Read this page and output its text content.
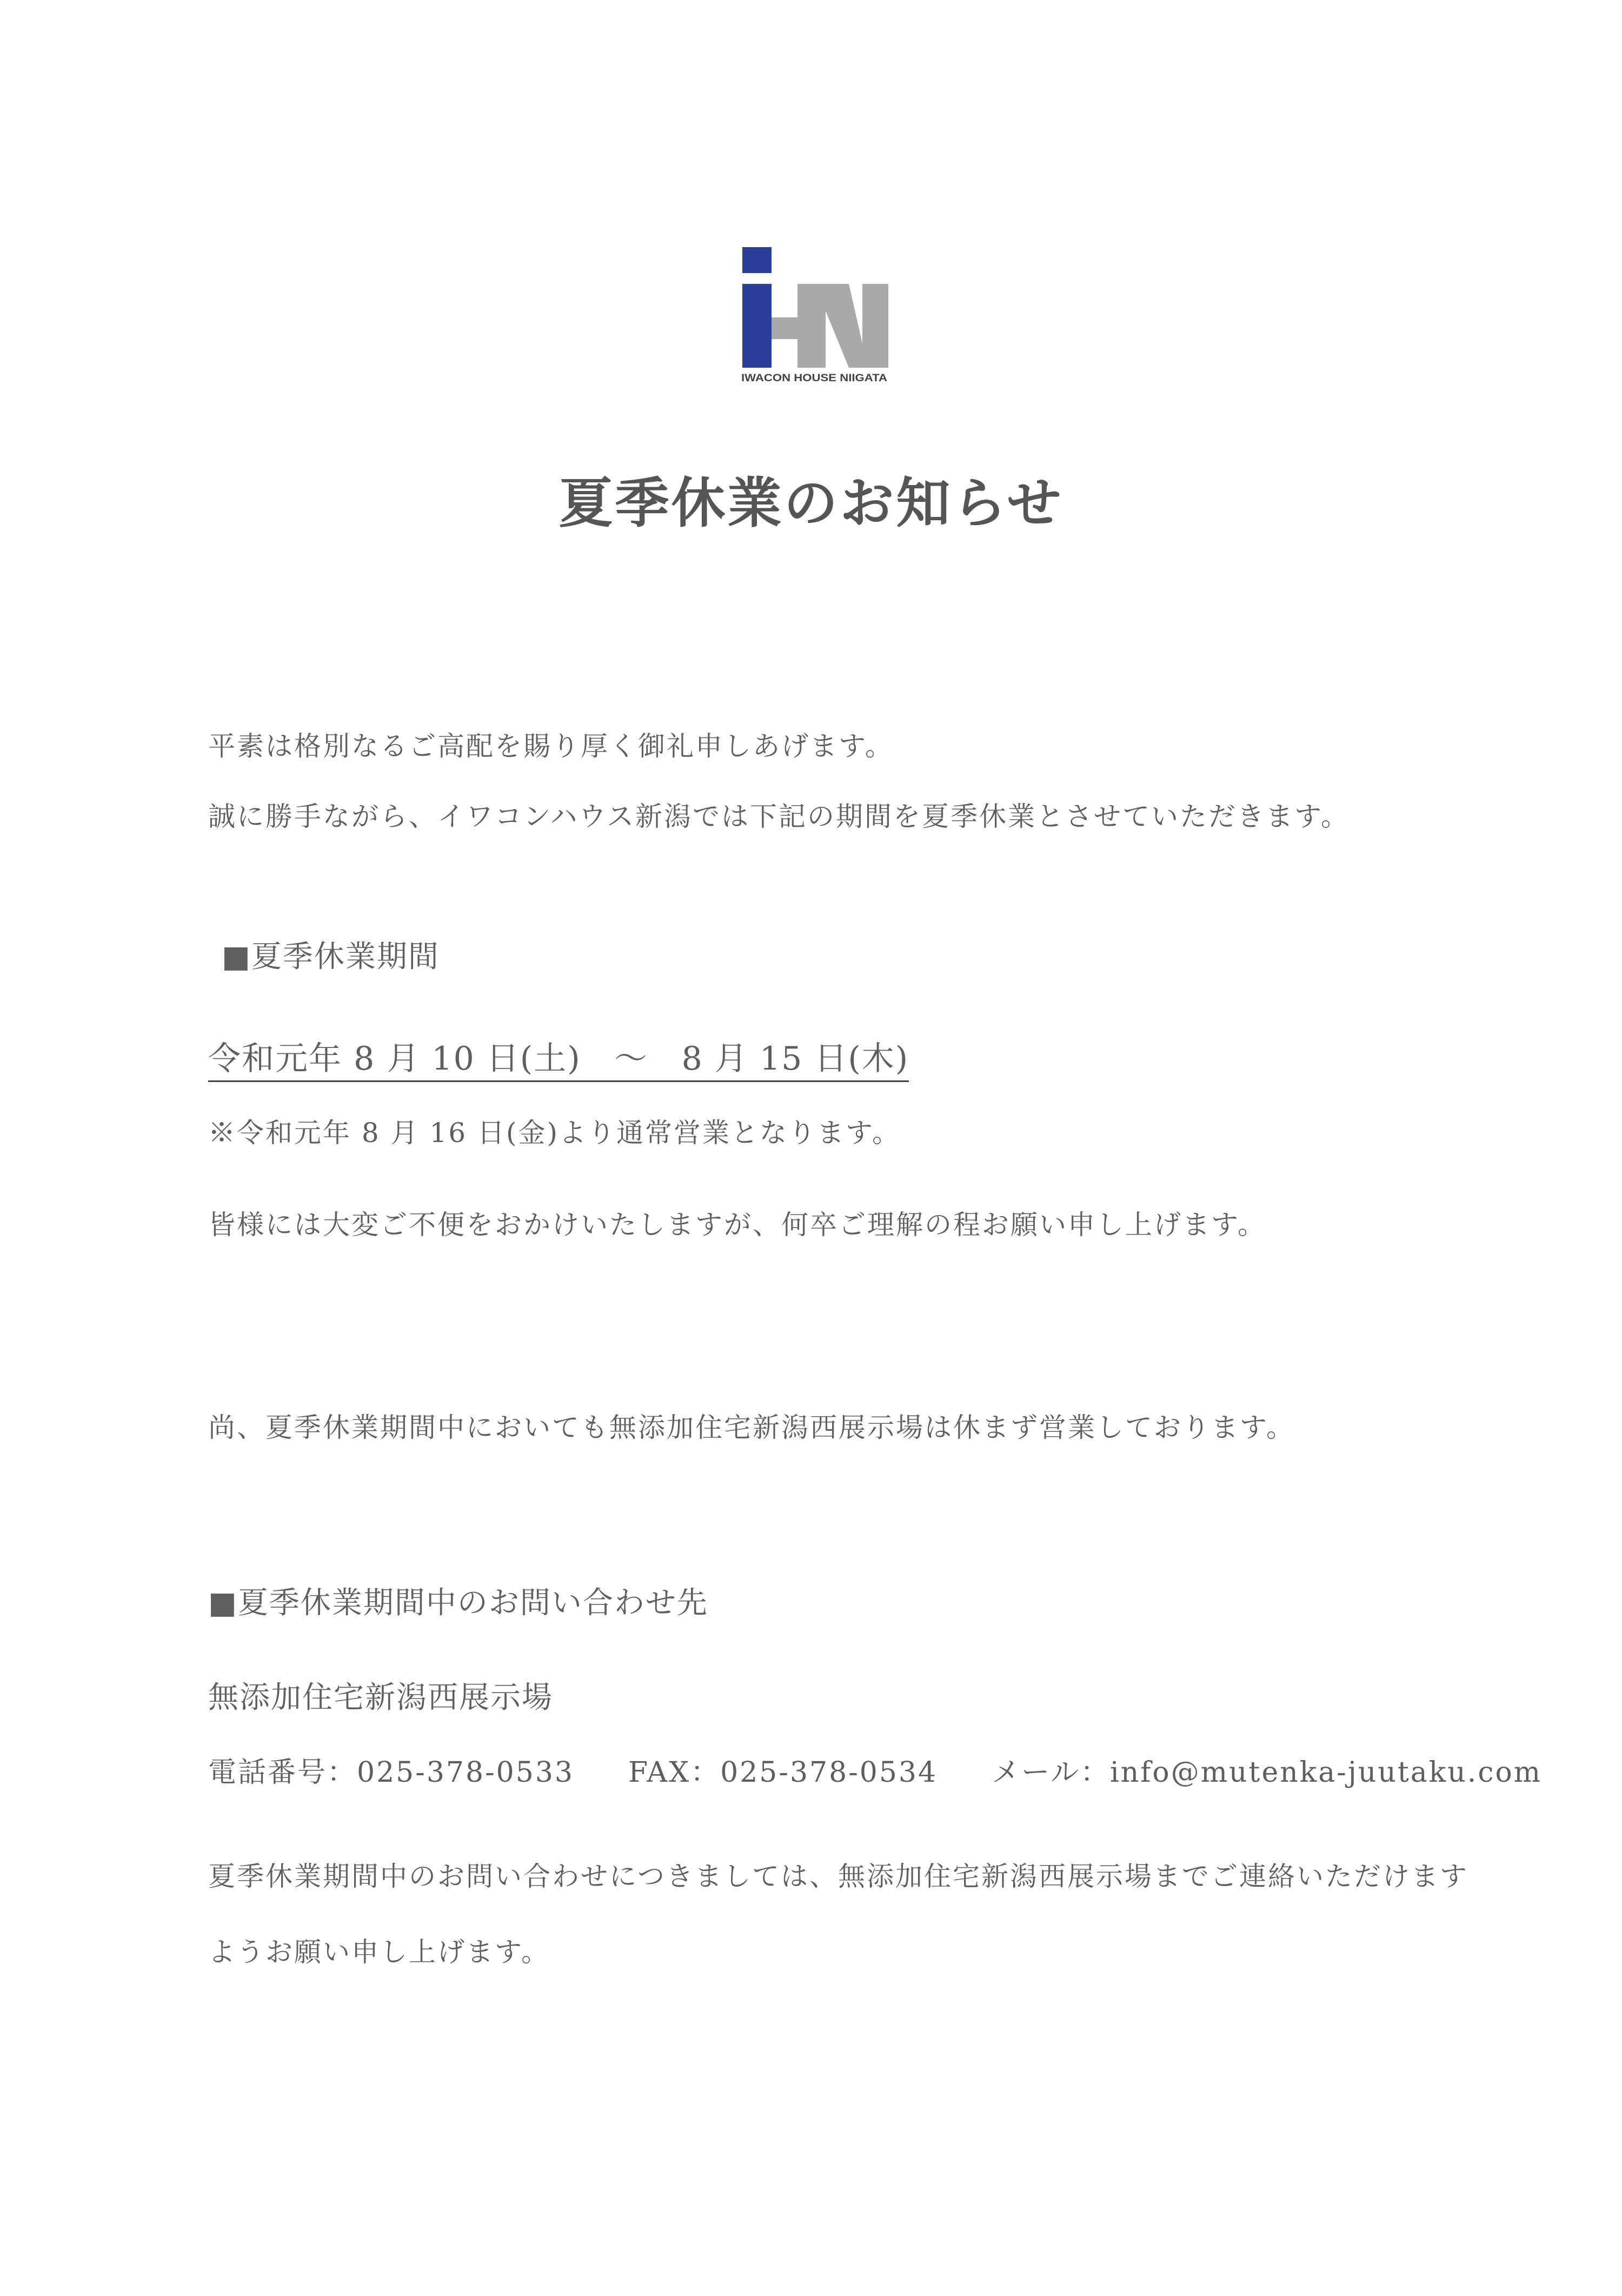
IWACON HOUSE NIIGATA
夏季休業のお知らせ
平素は格別なるご高配を賜り厚く御礼申しあげます。
誠に勝手ながら、イワコンハウス新潟では下記の期間を夏季休業とさせていただきます。
■夏季休業期間
令和元年 8 月 10 日(土)　～　8 月 15 日(木)
※令和元年 8 月 16 日(金)より通常営業となります。
皆様には大変ご不便をおかけいたしますが、何卒ご理解の程お願い申し上げます。
尚、夏季休業期間中においても無添加住宅新潟西展示場は休まず営業しております。
■夏季休業期間中のお問い合わせ先
無添加住宅新潟西展示場
電話番号：025-378-0533 FAX：025-378-0534 メール：info@mutenka-juutaku.com
夏季休業期間中のお問い合わせにつきましては、無添加住宅新潟西展示場までご連絡いただけます
ようお願い申し上げます。
